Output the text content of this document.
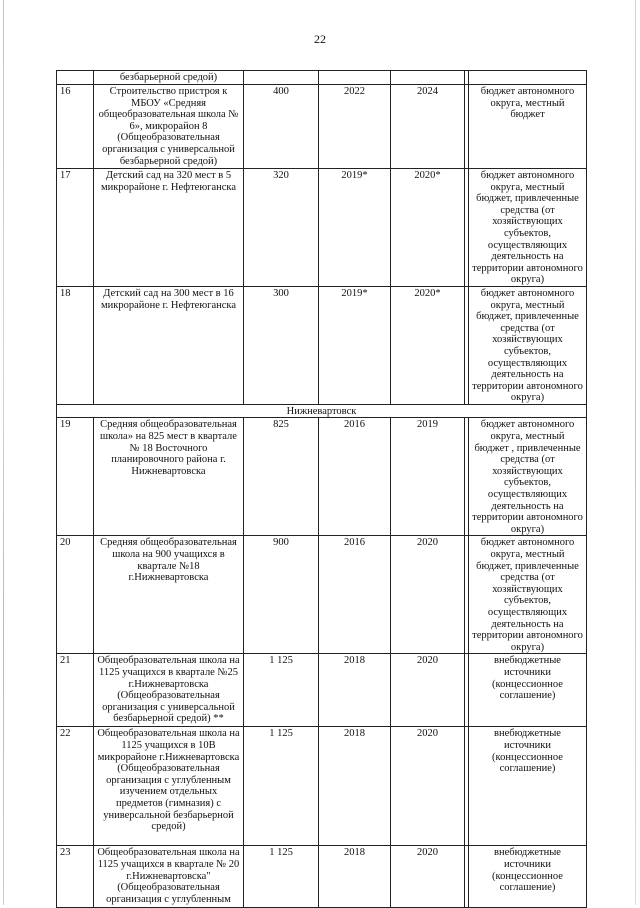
22
	безбарьерной средой)					
16	Строительство пристроя к МБОУ «Средняя общеобразовательная школа № 6», микрорайон 8 (Общеобразовательная организация с универсальной безбарьерной средой)	400	2022	2024		бюджет автономного округа, местный бюджет
17	Детский сад на 320 мест в 5 микрорайоне г. Нефтеюганска	320	2019*	2020*		бюджет автономного округа, местный бюджет, привлеченные средства (от хозяйствующих субъектов, осуществляющих деятельность на территории автономного округа)
18	Детский сад на 300 мест в 16 микрорайоне г. Нефтеюганска	300	2019*	2020*		бюджет автономного округа, местный бюджет, привлеченные средства (от хозяйствующих субъектов, осуществляющих деятельность на территории автономного округа)
Нижневартовск						
19	Средняя общеобразовательная школа» на 825 мест в квартале № 18 Восточного планировочного района г. Нижневартовска	825	2016	2019		бюджет автономного округа, местный бюджет , привлеченные средства (от хозяйствующих субъектов, осуществляющих деятельность на территории автономного округа)
20	Средняя общеобразовательная школа на 900 учащихся в квартале №18 г.Нижневартовска	900	2016	2020		бюджет автономного округа, местный бюджет, привлеченные средства (от хозяйствующих субъектов, осуществляющих деятельность на территории автономного округа)
21	Общеобразовательная школа на 1125 учащихся в квартале №25 г.Нижневартовска (Общеобразовательная организация с универсальной безбарьерной средой) **	1 125	2018	2020		внебюджетные источники (концессионное соглашение)
22	Общеобразовательная школа на 1125 учащихся в 10В микрорайоне г.Нижневартовска (Общеобразовательная организация с углубленным изучением отдельных предметов (гимназия) с универсальной безбарьерной средой)	1 125	2018	2020		внебюджетные источники (концессионное соглашение)
23	Общеобразовательная школа на 1125 учащихся в квартале № 20 г.Нижневартовска" (Общеобразовательная организация с углубленным	1 125	2018	2020		внебюджетные источники (концессионное соглашение)
